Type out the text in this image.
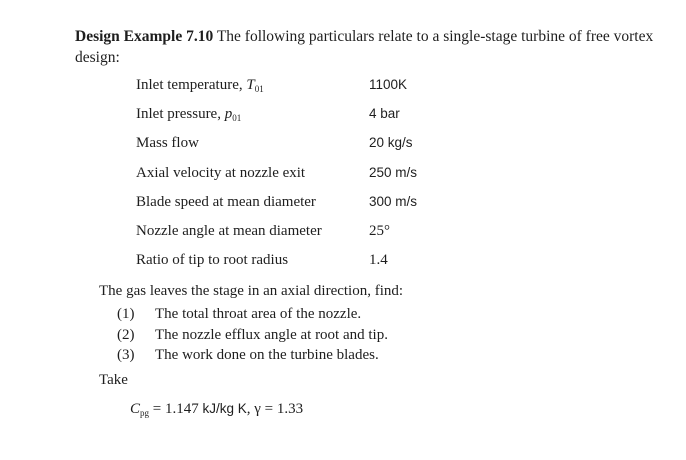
Design Example 7.10 The following particulars relate to a single-stage turbine of free vortex design:
Inlet temperature, $T_{01}$	1100K
Inlet pressure, $p_{01}$	4 bar
Mass flow	20 kg/s
Axial velocity at nozzle exit	250 m/s
Blade speed at mean diameter	300 m/s
Nozzle angle at mean diameter	25°
Ratio of tip to root radius	1.4
The gas leaves the stage in an axial direction, find:
(1) The total throat area of the nozzle.
(2) The nozzle efflux angle at root and tip.
(3) The work done on the turbine blades.
Take
$C_{pg} = 1.147$ kJ/kg K, γ = 1.33
